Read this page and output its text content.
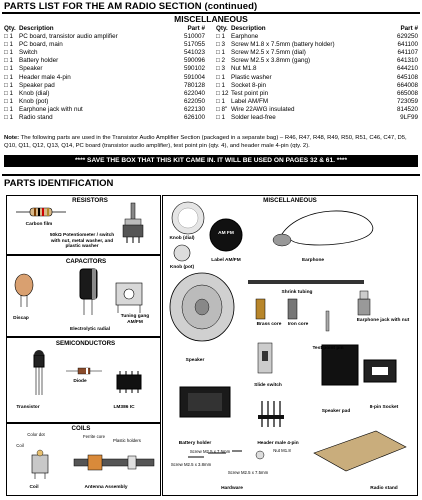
PARTS LIST FOR THE AM RADIO SECTION (continued)
MISCELLANEOUS
Qty. Description	Part #
□ 1 PC board, transistor audio amplifier	510007
□ 1 PC board, main	517055
□ 1 Switch	541023
□ 1 Battery holder	590096
□ 1 Speaker	590102
□ 1 Header male 4-pin	591004
□ 1 Speaker pad	780128
□ 1 Knob (dial)	622040
□ 1 Knob (pot)	622050
□ 1 Earphone jack with nut	622130
□ 1 Radio stand	626100
Qty. Description	Part #
□ 1 Earphone	629250
□ 3 Screw M1.8 x 7.5mm (battery holder)	641100
□ 1 Screw M2.5 x 7.5mm (dial)	641107
□ 2 Screw M2.5 x 3.8mm (gang)	641310
□ 3 Nut M1.8	644210
□ 1 Plastic washer	645108
□ 1 Socket 8-pin	664008
□ 12 Test point pin	665008
□ 1 Label AM/FM	723059
□ 8" Wire 22AWG insulated	814520
□ 1 Solder lead-free	9LF99
Note: The following parts are used in the Transistor Audio Amplifier Section (packaged in a separate bag) – R46, R47, R48, R49, R50, R51, C46, C47, D5, Q10, Q11, Q12, Q13, Q14, PC board (transistor audio amplifier), test point pin (qty. 4), and header male 4-pin (qty. 2).
**** SAVE THE BOX THAT THIS KIT CAME IN. IT WILL BE USED ON PAGES 32 & 61. ****
PARTS IDENTIFICATION
RESISTORS
Carbon film
50kΩ Potentiometer / switch with nut, metal washer, and plastic washer
CAPACITORS
Discap
Electrolytic radial
Tuning gang AM/FM
SEMICONDUCTORS
Diode
Transistor	LM386 IC
COILS
Color dot
Coil
Ferrite core
Plastic holders
Coil	Antenna Assembly
MISCELLANEOUS
Knob (dial)
Knob (pot)
AM FM
Label AM/FM	Earphone
Shrink tubing
Brass core	Iron core
Speaker
Test point pin
Earphone jack with nut
Slide switch
Speaker pad
8-pin Socket
Battery holder	Header male 4-pin
Screw M2.5 x 7.5mm
Screw M2.5 x 3.8mm
Screw M2.5 x 7.5mm
Nut M1.8
Hardware	Radio stand
